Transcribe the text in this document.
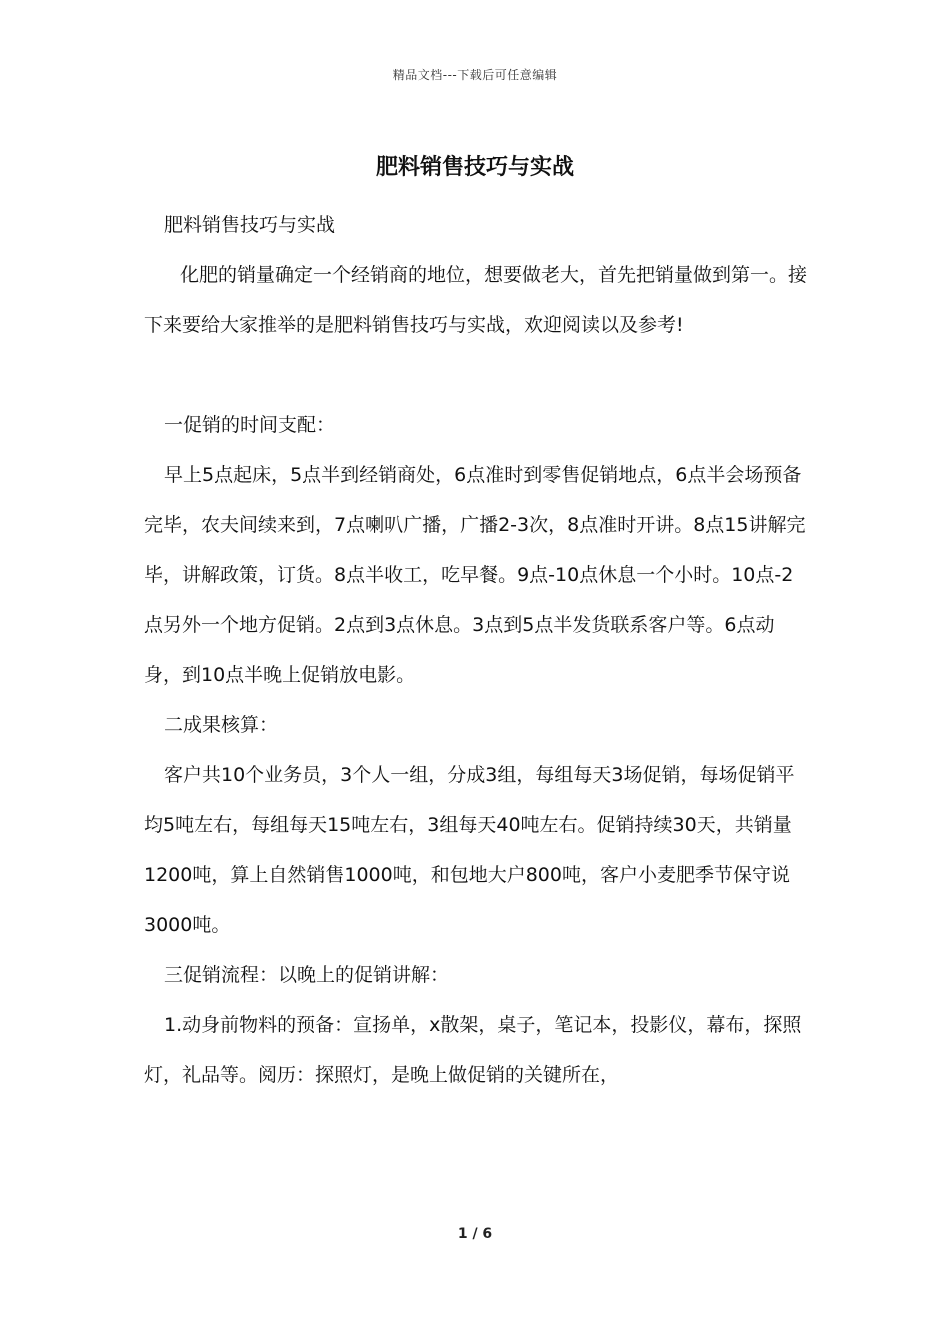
精品文档---下载后可任意编辑
肥料销售技巧与实战

肥料销售技巧与实战

化肥的销量确定一个经销商的地位，想要做老大，首先把销量做到第一。接下来要给大家推举的是肥料销售技巧与实战，欢迎阅读以及参考!

一促销的时间支配：

早上5点起床，5点半到经销商处，6点准时到零售促销地点，6点半会场预备完毕，农夫间续来到，7点喇叭广播，广播2-3次，8点准时开讲。8点15讲解完毕，讲解政策，订货。8点半收工，吃早餐。9点-10点休息一个小时。10点-2点另外一个地方促销。2点到3点休息。3点到5点半发货联系客户等。6点动身，到10点半晚上促销放电影。

二成果核算：

客户共10个业务员，3个人一组，分成3组，每组每天3场促销，每场促销平均5吨左右，每组每天15吨左右，3组每天40吨左右。促销持续30天，共销量1200吨，算上自然销售1000吨，和包地大户800吨，客户小麦肥季节保守说3000吨。

三促销流程：以晚上的促销讲解：

1.动身前物料的预备：宣扬单，x散架，桌子，笔记本，投影仪，幕布，探照灯，礼品等。阅历：探照灯，是晚上做促销的关键所在，

1 / 6
